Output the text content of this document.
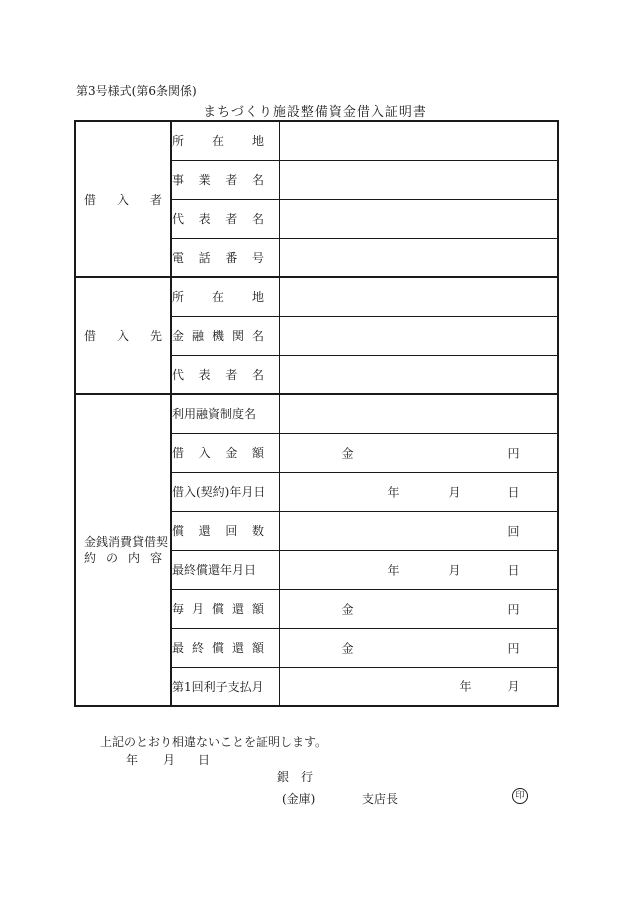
第3号様式(第6条関係)
まちづくり施設整備資金借入証明書
借 入 者	所 在 地	

	事 業 者 名	

	代 表 者 名	

	電 話 番 号	

借 入 先	所 在 地	

	金 融 機 関 名	

	代 表 者 名	

金銭消費貸借契
約 の 内 容	利用融資制度名	

	借 入 金 額	金 円

	借入(契約)年月日	年 月 日

	償 還 回 数	回

	最終償還年月日	年 月 日

	毎 月 償 還 額	金 円

	最 終 償 還 額	金 円

	第1回利子支払月	年 月
上記のとおり相違ないことを証明します。
年 月 日
銀　行
(金庫)	支店長	印
